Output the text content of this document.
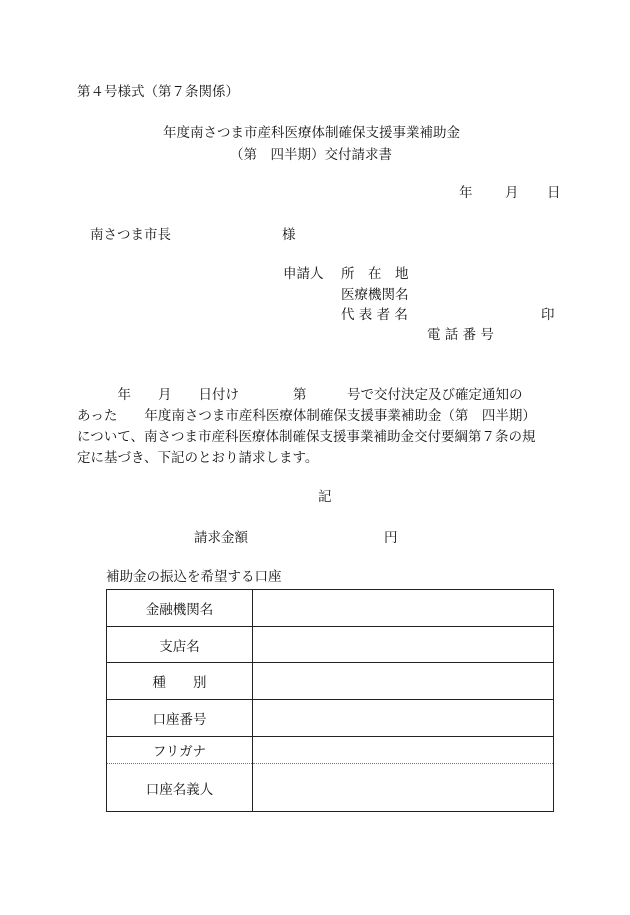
第４号様式（第７条関係）
年度南さつま市産科医療体制確保支援事業補助金
（第　四半期）交付請求書
年 月 日
南さつま市長	様
申請人 所　在　地
医療機関名
代 表 者 名	印
電 話 番 号
　　　年　　月　　日付け　　　　第　　　号で交付決定及び確定通知の
あった　　年度南さつま市産科医療体制確保支援事業補助金（第　四半期）
について、南さつま市産科医療体制確保支援事業補助金交付要綱第７条の規
定に基づき、下記のとおり請求します。
記
請求金額	円
補助金の振込を希望する口座
金融機関名	
支店名	
種　　別	
口座番号	
フリガナ	
口座名義人	
